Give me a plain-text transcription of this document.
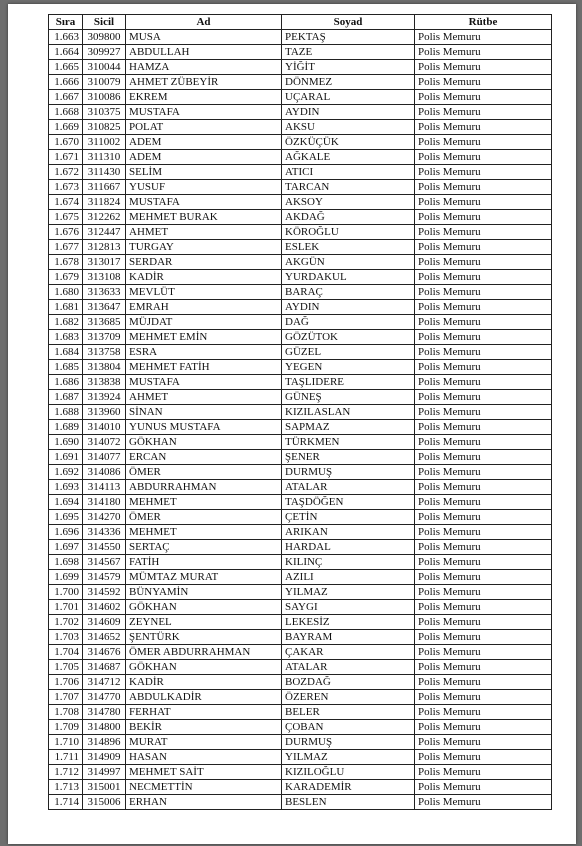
Sıra	Sicil	Ad	Soyad	Rütbe
1.663	309800	MUSA	PEKTAŞ	Polis Memuru
1.664	309927	ABDULLAH	TAZE	Polis Memuru
1.665	310044	HAMZA	YİĞİT	Polis Memuru
1.666	310079	AHMET ZÜBEYİR	DÖNMEZ	Polis Memuru
1.667	310086	EKREM	UÇARAL	Polis Memuru
1.668	310375	MUSTAFA	AYDIN	Polis Memuru
1.669	310825	POLAT	AKSU	Polis Memuru
1.670	311002	ADEM	ÖZKÜÇÜK	Polis Memuru
1.671	311310	ADEM	AĞKALE	Polis Memuru
1.672	311430	SELİM	ATICI	Polis Memuru
1.673	311667	YUSUF	TARCAN	Polis Memuru
1.674	311824	MUSTAFA	AKSOY	Polis Memuru
1.675	312262	MEHMET BURAK	AKDAĞ	Polis Memuru
1.676	312447	AHMET	KÖROĞLU	Polis Memuru
1.677	312813	TURGAY	ESLEK	Polis Memuru
1.678	313017	SERDAR	AKGÜN	Polis Memuru
1.679	313108	KADİR	YURDAKUL	Polis Memuru
1.680	313633	MEVLÜT	BARAÇ	Polis Memuru
1.681	313647	EMRAH	AYDIN	Polis Memuru
1.682	313685	MÜJDAT	DAĞ	Polis Memuru
1.683	313709	MEHMET EMİN	GÖZÜTOK	Polis Memuru
1.684	313758	ESRA	GÜZEL	Polis Memuru
1.685	313804	MEHMET FATİH	YEGEN	Polis Memuru
1.686	313838	MUSTAFA	TAŞLIDERE	Polis Memuru
1.687	313924	AHMET	GÜNEŞ	Polis Memuru
1.688	313960	SİNAN	KIZILASLAN	Polis Memuru
1.689	314010	YUNUS MUSTAFA	SAPMAZ	Polis Memuru
1.690	314072	GÖKHAN	TÜRKMEN	Polis Memuru
1.691	314077	ERCAN	ŞENER	Polis Memuru
1.692	314086	ÖMER	DURMUŞ	Polis Memuru
1.693	314113	ABDURRAHMAN	ATALAR	Polis Memuru
1.694	314180	MEHMET	TAŞDÖĞEN	Polis Memuru
1.695	314270	ÖMER	ÇETİN	Polis Memuru
1.696	314336	MEHMET	ARIKAN	Polis Memuru
1.697	314550	SERTAÇ	HARDAL	Polis Memuru
1.698	314567	FATİH	KILINÇ	Polis Memuru
1.699	314579	MÜMTAZ MURAT	AZILI	Polis Memuru
1.700	314592	BÜNYAMİN	YILMAZ	Polis Memuru
1.701	314602	GÖKHAN	SAYGI	Polis Memuru
1.702	314609	ZEYNEL	LEKESİZ	Polis Memuru
1.703	314652	ŞENTÜRK	BAYRAM	Polis Memuru
1.704	314676	ÖMER ABDURRAHMAN	ÇAKAR	Polis Memuru
1.705	314687	GÖKHAN	ATALAR	Polis Memuru
1.706	314712	KADİR	BOZDAĞ	Polis Memuru
1.707	314770	ABDULKADİR	ÖZEREN	Polis Memuru
1.708	314780	FERHAT	BELER	Polis Memuru
1.709	314800	BEKİR	ÇOBAN	Polis Memuru
1.710	314896	MURAT	DURMUŞ	Polis Memuru
1.711	314909	HASAN	YILMAZ	Polis Memuru
1.712	314997	MEHMET SAİT	KIZILOĞLU	Polis Memuru
1.713	315001	NECMETTİN	KARADEMİR	Polis Memuru
1.714	315006	ERHAN	BESLEN	Polis Memuru
